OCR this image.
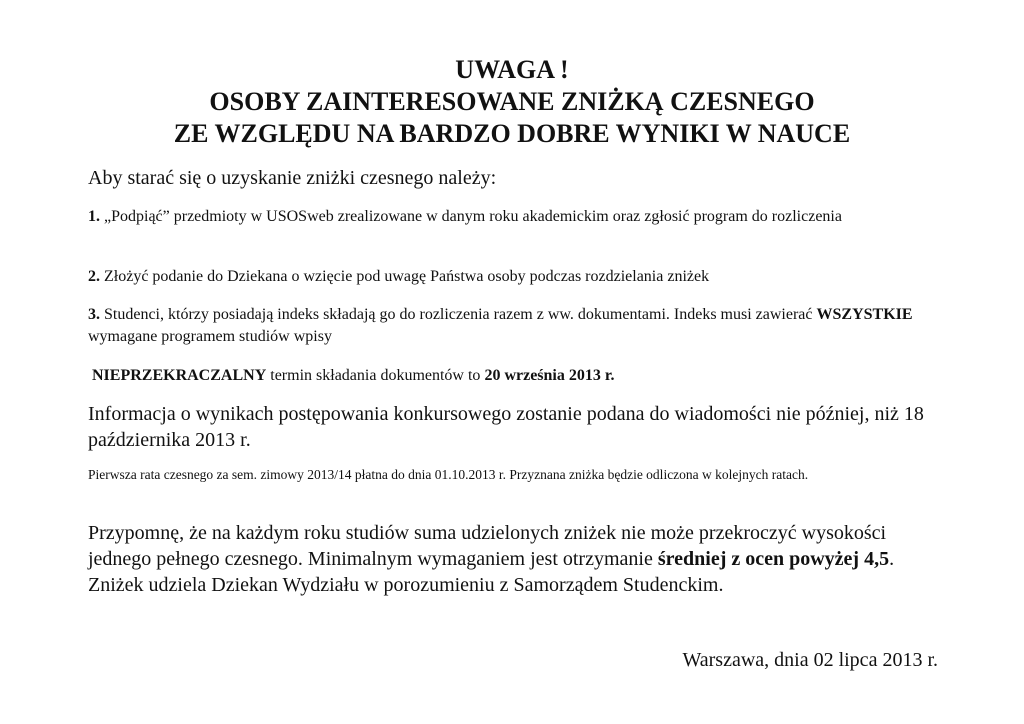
UWAGA !
OSOBY ZAINTERESOWANE ZNIŻKĄ CZESNEGO
ZE WZGLĘDU NA BARDZO DOBRE WYNIKI W NAUCE
Aby starać się o uzyskanie zniżki czesnego należy:
1. „Podpiąć” przedmioty w USOSweb zrealizowane w danym roku akademickim oraz zgłosić program do rozliczenia
2. Złożyć podanie do Dziekana o wzięcie pod uwagę Państwa osoby podczas rozdzielania zniżek
3. Studenci, którzy posiadają indeks składają go do rozliczenia razem z ww. dokumentami. Indeks musi zawierać WSZYSTKIE wymagane programem studiów wpisy
NIEPRZEKRACZALNY termin składania dokumentów to 20 września 2013 r.
Informacja o wynikach postępowania konkursowego zostanie podana do wiadomości nie później, niż 18 października 2013 r.
Pierwsza rata czesnego za sem. zimowy 2013/14 płatna do dnia 01.10.2013 r. Przyznana zniżka będzie odliczona w kolejnych ratach.
Przypomnę, że na każdym roku studiów suma udzielonych zniżek nie może przekroczyć wysokości jednego pełnego czesnego. Minimalnym wymaganiem jest otrzymanie średniej z ocen powyżej 4,5. Zniżek udziela Dziekan Wydziału w porozumieniu z Samorządem Studenckim.
Warszawa, dnia 02 lipca 2013 r.
